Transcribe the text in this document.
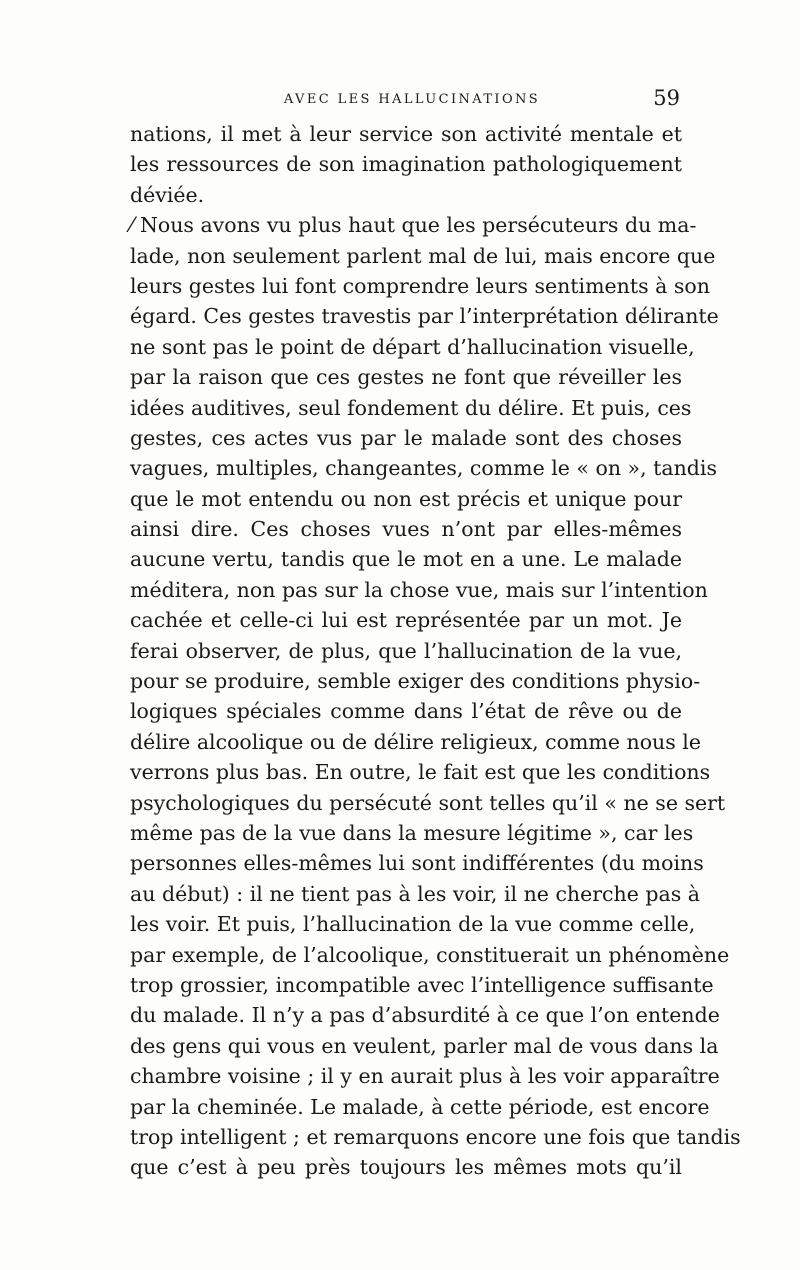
AVEC LES HALLUCINATIONS	59
nations, il met à leur service son activité mentale et
les ressources de son imagination pathologiquement
déviée.
⁄ Nous avons vu plus haut que les persécuteurs du ma-
lade, non seulement parlent mal de lui, mais encore que
leurs gestes lui font comprendre leurs sentiments à son
égard. Ces gestes travestis par l’interprétation délirante
ne sont pas le point de départ d’hallucination visuelle,
par la raison que ces gestes ne font que réveiller les
idées auditives, seul fondement du délire. Et puis, ces
gestes, ces actes vus par le malade sont des choses
vagues, multiples, changeantes, comme le « on », tandis
que le mot entendu ou non est précis et unique pour
ainsi dire. Ces choses vues n’ont par elles-mêmes
aucune vertu, tandis que le mot en a une. Le malade
méditera, non pas sur la chose vue, mais sur l’intention
cachée et celle-ci lui est représentée par un mot. Je
ferai observer, de plus, que l’hallucination de la vue,
pour se produire, semble exiger des conditions physio-
logiques spéciales comme dans l’état de rêve ou de
délire alcoolique ou de délire religieux, comme nous le
verrons plus bas. En outre, le fait est que les conditions
psychologiques du persécuté sont telles qu’il « ne se sert
même pas de la vue dans la mesure légitime », car les
personnes elles-mêmes lui sont indifférentes (du moins
au début) : il ne tient pas à les voir, il ne cherche pas à
les voir. Et puis, l’hallucination de la vue comme celle,
par exemple, de l’alcoolique, constituerait un phénomène
trop grossier, incompatible avec l’intelligence suffisante
du malade. Il n’y a pas d’absurdité à ce que l’on entende
des gens qui vous en veulent, parler mal de vous dans la
chambre voisine ; il y en aurait plus à les voir apparaître
par la cheminée. Le malade, à cette période, est encore
trop intelligent ; et remarquons encore une fois que tandis
que c’est à peu près toujours les mêmes mots qu’il
